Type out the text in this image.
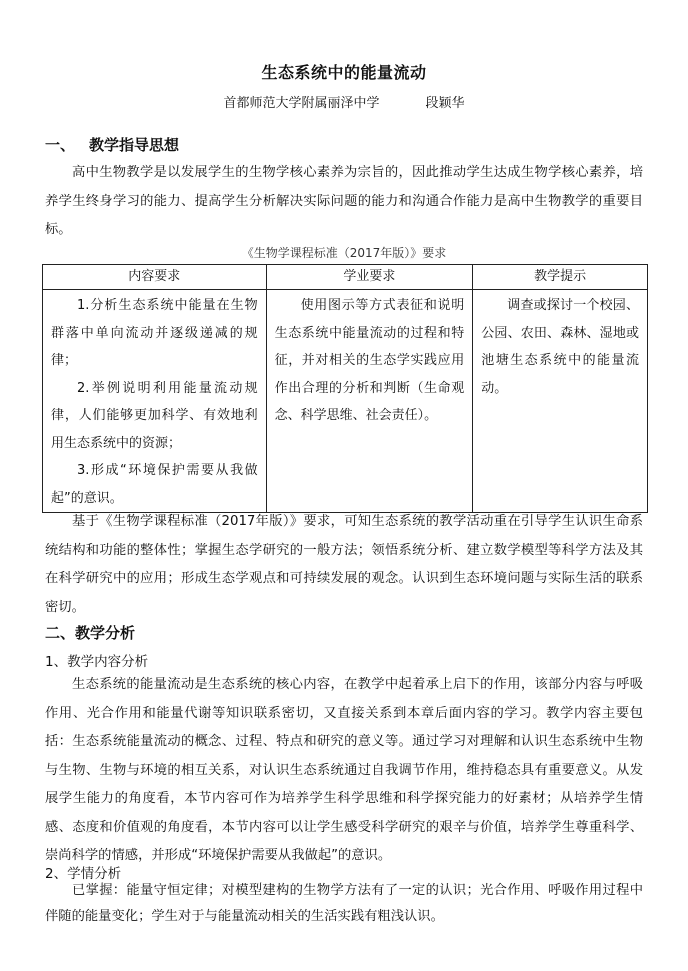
生态系统中的能量流动
首都师范大学附属丽泽中学	段颖华
一、 教学指导思想
高中生物教学是以发展学生的生物学核心素养为宗旨的，因此推动学生达成生物学核心素养，培养学生终身学习的能力、提高学生分析解决实际问题的能力和沟通合作能力是高中生物教学的重要目标。
《生物学课程标准（2017年版）》要求
内容要求	学业要求	教学提示

1.分析生态系统中能量在生物群落中单向流动并逐级递减的规律；

2.举例说明利用能量流动规律，人们能够更加科学、有效地利用生态系统中的资源；

3.形成“环境保护需要从我做起”的意识。	使用图示等方式表征和说明生态系统中能量流动的过程和特征，并对相关的生态学实践应用作出合理的分析和判断（生命观念、科学思维、社会责任）。	调查或探讨一个校园、公园、农田、森林、湿地或池塘生态系统中的能量流动。

基于《生物学课程标准（2017年版）》要求，可知生态系统的教学活动重在引导学生认识生命系统结构和功能的整体性；掌握生态学研究的一般方法；领悟系统分析、建立数学模型等科学方法及其在科学研究中的应用；形成生态学观点和可持续发展的观念。认识到生态环境问题与实际生活的联系密切。
二、教学分析
1、教学内容分析
生态系统的能量流动是生态系统的核心内容，在教学中起着承上启下的作用，该部分内容与呼吸作用、光合作用和能量代谢等知识联系密切，又直接关系到本章后面内容的学习。教学内容主要包括：生态系统能量流动的概念、过程、特点和研究的意义等。通过学习对理解和认识生态系统中生物与生物、生物与环境的相互关系，对认识生态系统通过自我调节作用，维持稳态具有重要意义。从发展学生能力的角度看，本节内容可作为培养学生科学思维和科学探究能力的好素材；从培养学生情感、态度和价值观的角度看，本节内容可以让学生感受科学研究的艰辛与价值，培养学生尊重科学、崇尚科学的情感，并形成“环境保护需要从我做起”的意识。
2、学情分析
已掌握：能量守恒定律；对模型建构的生物学方法有了一定的认识；光合作用、呼吸作用过程中伴随的能量变化；学生对于与能量流动相关的生活实践有粗浅认识。
